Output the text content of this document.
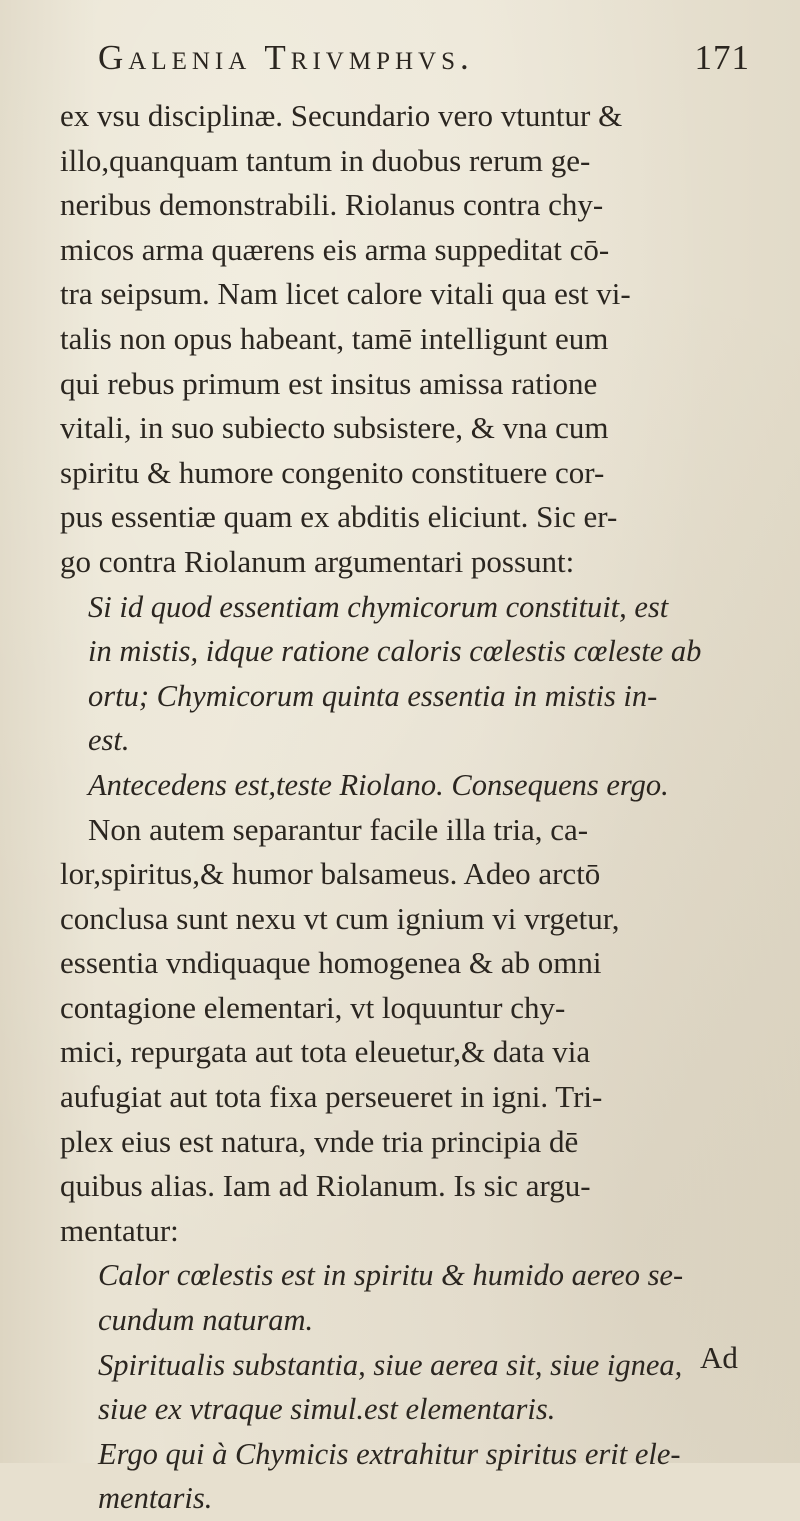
Galenia Trivmphvs.	171
ex vsu disciplinæ. Secundario vero vtuntur &
illo,quanquam tantum in duobus rerum ge-
neribus demonstrabili. Riolanus contra chy-
micos arma quærens eis arma suppeditat cō-
tra seipsum. Nam licet calore vitali qua est vi-
talis non opus habeant, tamē intelligunt eum
qui rebus primum est insitus amissa ratione
vitali, in suo subiecto subsistere, & vna cum
spiritu & humore congenito constituere cor-
pus essentiæ quam ex abditis eliciunt. Sic er-
go contra Riolanum argumentari possunt:
Si id quod essentiam chymicorum constituit, est
in mistis, idque ratione caloris cœlestis cœleste ab
ortu; Chymicorum quinta essentia in mistis in-
est.
Antecedens est,teste Riolano. Consequens ergo.
Non autem separantur facile illa tria, ca-
lor,spiritus,& humor balsameus. Adeo arctō
conclusa sunt nexu vt cum ignium vi vrgetur,
essentia vndiquaque homogenea & ab omni
contagione elementari, vt loquuntur chy-
mici, repurgata aut tota eleuetur,& data via
aufugiat aut tota fixa perseueret in igni. Tri-
plex eius est natura, vnde tria principia dē
quibus alias. Iam ad Riolanum. Is sic argu-
mentatur:
Calor cœlestis est in spiritu & humido aereo se-
cundum naturam.
Spiritualis substantia, siue aerea sit, siue ignea,
siue ex vtraque simul.est elementaris.
Ergo qui à Chymicis extrahitur spiritus erit ele-
mentaris.
Ad
